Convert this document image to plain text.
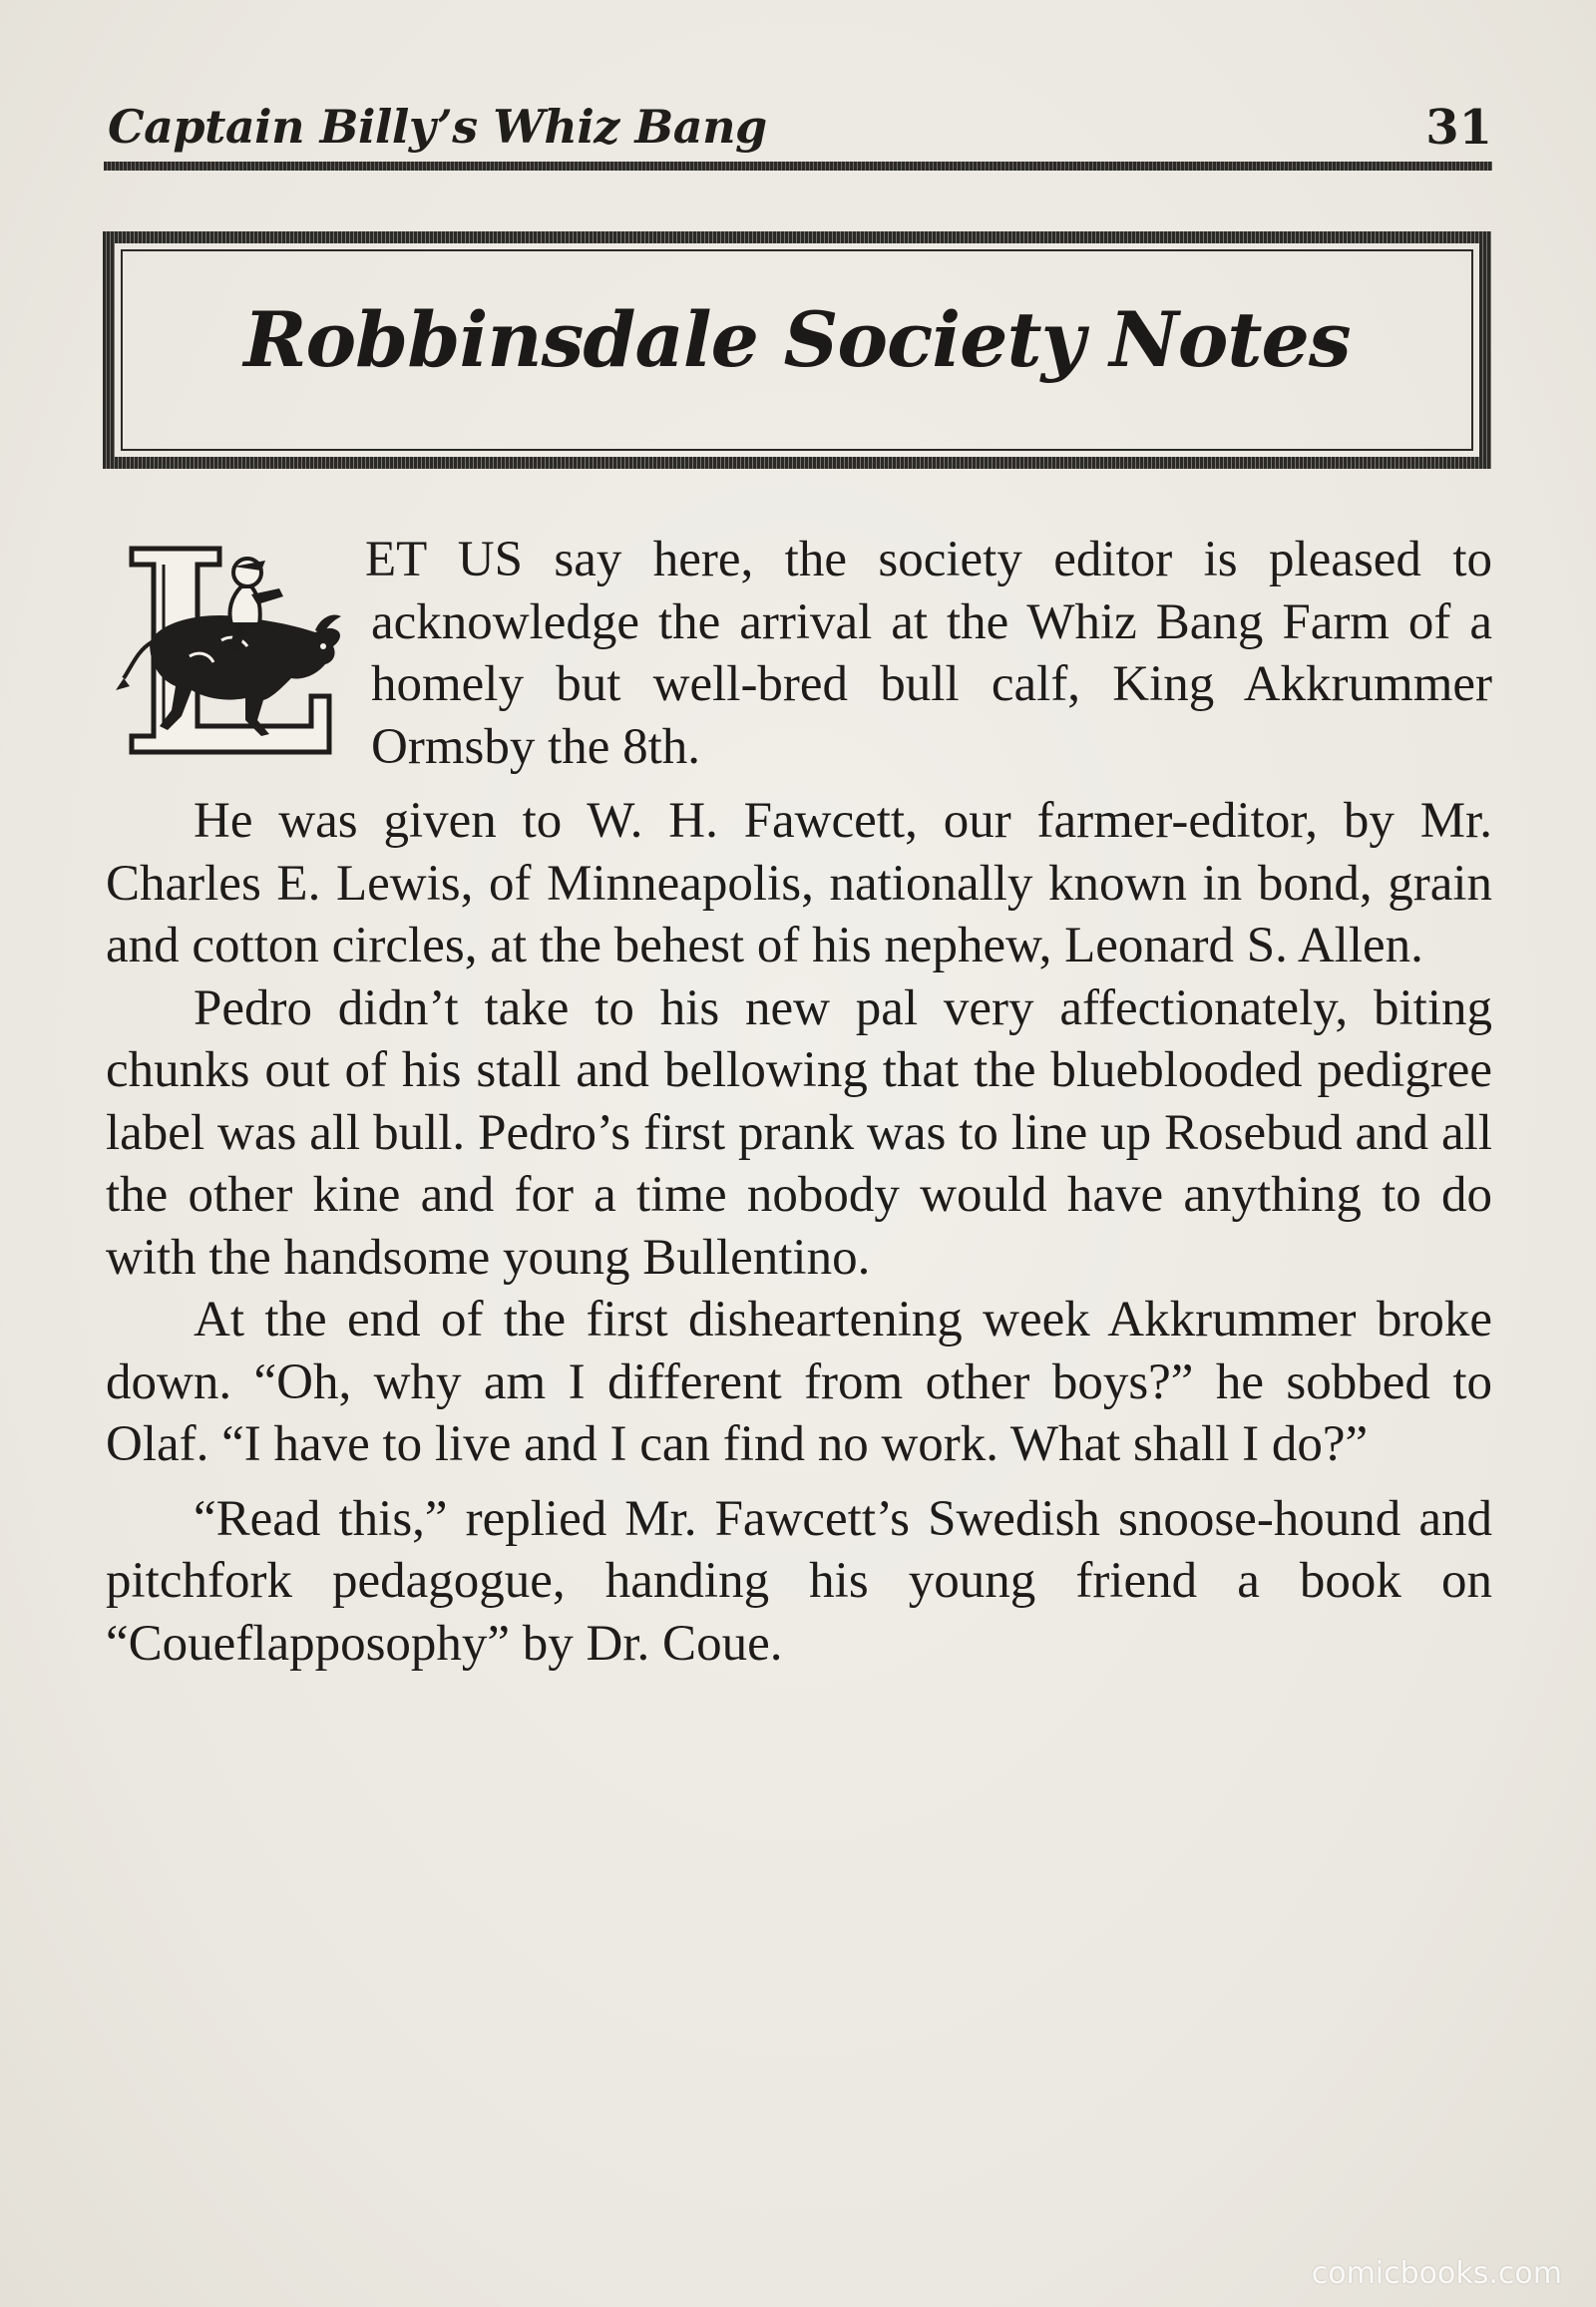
Captain Billy’s Whiz Bang	31
Robbinsdale Society Notes

ET US say here, the society editor is pleased to acknowledge the arrival at the Whiz Bang Farm of a homely but well-bred bull calf, King Akkrummer Ormsby the 8th.

He was given to W. H. Fawcett, our farmer-editor, by Mr. Charles E. Lewis, of Minneapolis, nationally known in bond, grain and cotton circles, at the behest of his nephew, Leonard S. Allen.

Pedro didn’t take to his new pal very affectionately, biting chunks out of his stall and bellowing that the blueblooded pedigree label was all bull. Pedro’s first prank was to line up Rosebud and all the other kine and for a time nobody would have anything to do with the handsome young Bullentino.

At the end of the first disheartening week Akkrummer broke down. “Oh, why am I different from other boys?” he sobbed to Olaf. “I have to live and I can find no work. What shall I do?”

“Read this,” replied Mr. Fawcett’s Swedish snoose-hound and pitchfork pedagogue, handing his young friend a book on “Coueflapposophy” by Dr. Coue.

comicbooks.com
